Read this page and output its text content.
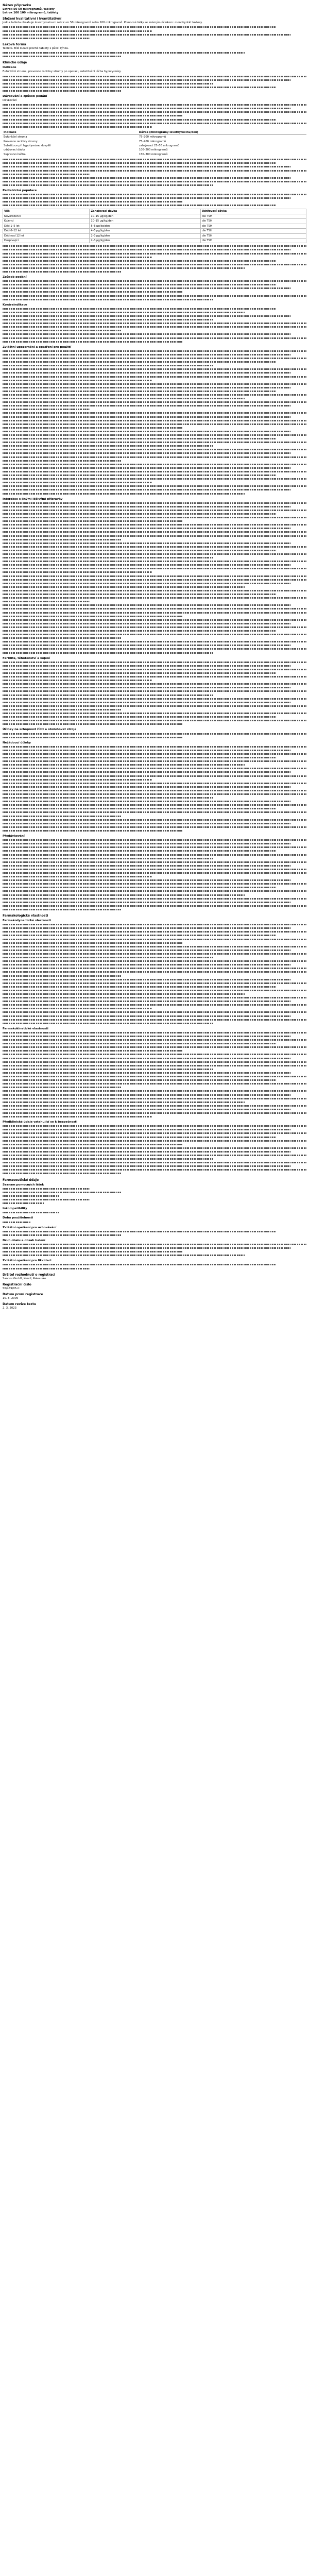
Název přípravku

Letrox 50 50 mikrogramů, tablety

Letrox 100 100 mikrogramů, tablety

Složení kvalitativní i kvantitativní

Jedna tableta obsahuje levothyroxinum natricum 50 mikrogramů nebo 100 mikrogramů. Pomocné látky se známým účinkem: monohydrát laktosy.

Léková forma

Tableta. Bílé kulaté ploché tablety s půlicí rýhou.

Klinické údaje
Indikace

Eufunkční struma, prevence recidivy strumy po operaci, substituční léčba hypotyreózy.

Dávkování a způsob podání

Dávkování

Indikace	Dávka (mikrogramy levothyroxinu/den)
Eufunkční struma	75–200 mikrogramů
Prevence recidivy strumy	75–200 mikrogramů
Substituce při hypotyreóze, dospělí	zahajovací 25–50 mikrogramů
udržovací dávka	100–200 mikrogramů
Supresivní léčba	150–300 mikrogramů
Pediatrická populace
Věk	Zahajovací dávka	Udržovací dávka
Novorozenci	10–15 µg/kg/den	dle TSH
Kojenci	10–15 µg/kg/den	dle TSH
Děti 1–5 let	5–6 µg/kg/den	dle TSH
Děti 6–12 let	4–5 µg/kg/den	dle TSH
Děti nad 12 let	2–3 µg/kg/den	dle TSH
Dospívající	2–3 µg/kg/den	dle TSH
Způsob podání
Kontraindikace
Zvláštní upozornění a opatření pro použití
Interakce s jinými léčivými přípravky
Fertilita, těhotenství a kojení
Účinky na schopnost řídit a obsluhovat stroje
Nežádoucí účinky
Předávkování
Farmakologické vlastnosti
Farmakodynamické vlastnosti
Farmakokinetické vlastnosti
Předklinické údaje vztahující se k bezpečnosti
Farmaceutické údaje
Seznam pomocných látek
Inkompatibility
Doba použitelnosti
Zvláštní opatření pro uchovávání
Druh obalu a obsah balení
Zvláštní opatření pro likvidaci
Držitel rozhodnutí o registraci

Sandoz GmbH, Kundl, Rakousko

Registrační číslo

56/459/05-C

Datum první registrace

10. 8. 2005

Datum revize textu

2. 3. 2023
